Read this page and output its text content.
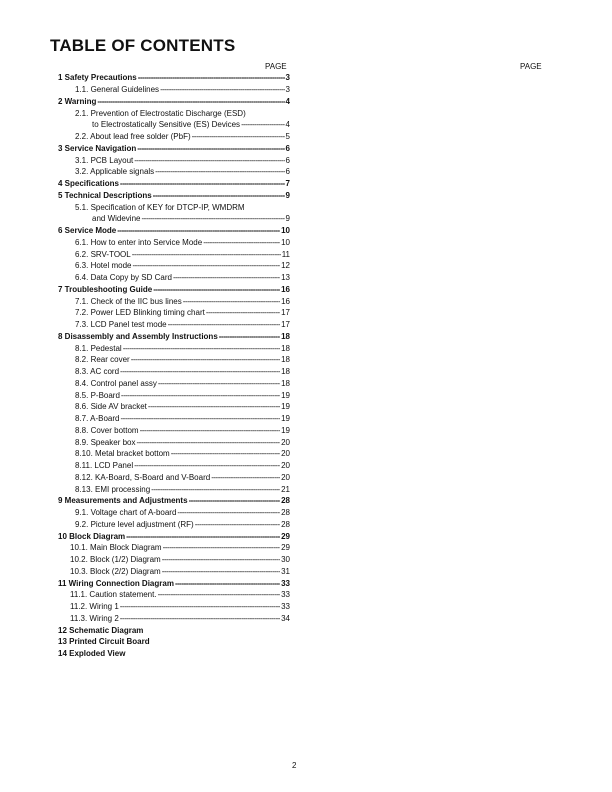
TABLE OF CONTENTS
PAGE	PAGE
1 Safety Precautions -----	3
1.1. General Guidelines -----	3
2 Warning -----	4
2.1. Prevention of Electrostatic Discharge (ESD)
to Electrostatically Sensitive (ES) Devices -----	4
2.2. About lead free solder (PbF) -----	5
3 Service Navigation -----	6
3.1. PCB Layout -----	6
3.2. Applicable signals -----	6
4 Specifications -----	7
5 Technical Descriptions -----	9
5.1. Specification of KEY for DTCP-IP, WMDRM
and Widevine -----	9
6 Service Mode -----	10
6.1. How to enter into Service Mode -----	10
6.2. SRV-TOOL -----	11
6.3. Hotel mode -----	12
6.4. Data Copy by SD Card -----	13
7 Troubleshooting Guide -----	16
7.1. Check of the IIC bus lines -----	16
7.2. Power LED Blinking timing chart -----	17
7.3. LCD Panel test mode -----	17
8 Disassembly and Assembly Instructions -----	18
8.1. Pedestal -----	18
8.2. Rear cover -----	18
8.3. AC cord -----	18
8.4. Control panel assy -----	18
8.5. P-Board -----	19
8.6. Side AV bracket -----	19
8.7. A-Board -----	19
8.8. Cover bottom -----	19
8.9. Speaker box -----	20
8.10. Metal bracket bottom -----	20
8.11. LCD Panel -----	20
8.12. KA-Board, S-Board and V-Board -----	20
8.13. EMI processing -----	21
9 Measurements and Adjustments -----	28
9.1. Voltage chart of A-board -----	28
9.2. Picture level adjustment (RF) -----	28
10 Block Diagram -----	29
10.1. Main Block Diagram -----	29
10.2. Block (1/2) Diagram -----	30
10.3. Block (2/2) Diagram -----	31
11 Wiring Connection Diagram -----	33
11.1. Caution statement. -----	33
11.2. Wiring 1 -----	33
11.3. Wiring 2 -----	34
12 Schematic Diagram
13 Printed Circuit Board
14 Exploded View
2
